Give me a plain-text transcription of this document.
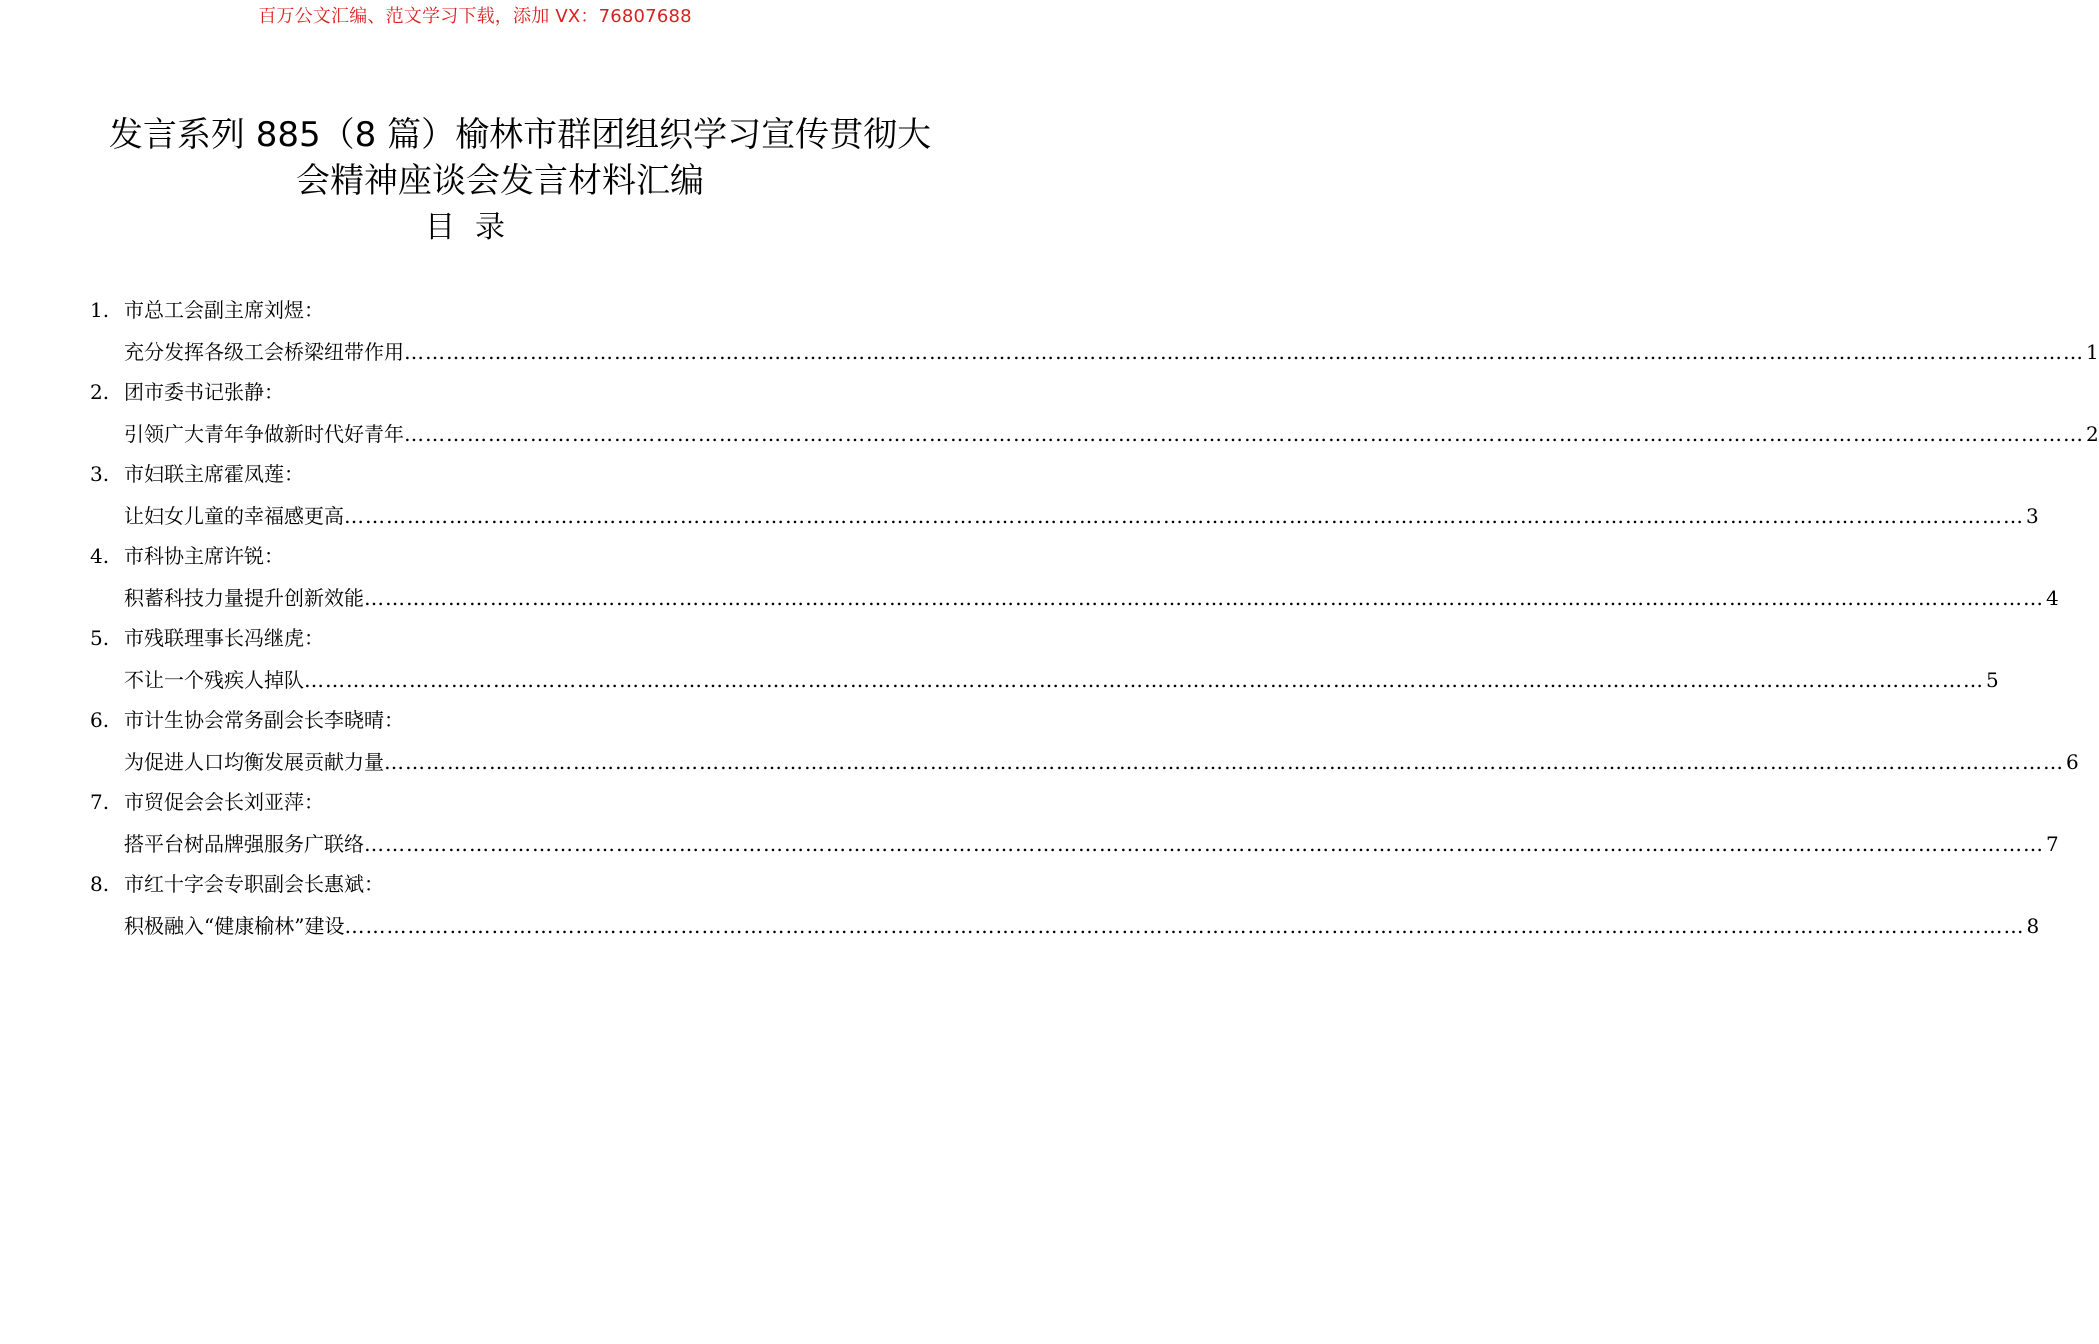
百万公文汇编、范文学习下载，添加 VX：76807688
发言系列 885（8 篇）榆林市群团组织学习宣传贯彻大
会精神座谈会发言材料汇编
目录
1. 市总工会副主席刘煜：
充分发挥各级工会桥梁纽带作用 …………………………………………………………………………………………………………………………………………………………………………………………………………………… 1
2. 团市委书记张静：
引领广大青年争做新时代好青年 …………………………………………………………………………………………………………………………………………………………………………………………………………………… 2
3. 市妇联主席霍凤莲：
让妇女儿童的幸福感更高 …………………………………………………………………………………………………………………………………………………………………………………………………………………… 3
4. 市科协主席许锐：
积蓄科技力量提升创新效能 …………………………………………………………………………………………………………………………………………………………………………………………………………………… 4
5. 市残联理事长冯继虎：
不让一个残疾人掉队 …………………………………………………………………………………………………………………………………………………………………………………………………………………… 5
6. 市计生协会常务副会长李晓晴：
为促进人口均衡发展贡献力量 …………………………………………………………………………………………………………………………………………………………………………………………………………………… 6
7. 市贸促会会长刘亚萍：
搭平台树品牌强服务广联络 …………………………………………………………………………………………………………………………………………………………………………………………………………………… 7
8. 市红十字会专职副会长惠斌：
积极融入“健康榆林”建设 …………………………………………………………………………………………………………………………………………………………………………………………………………………… 8
